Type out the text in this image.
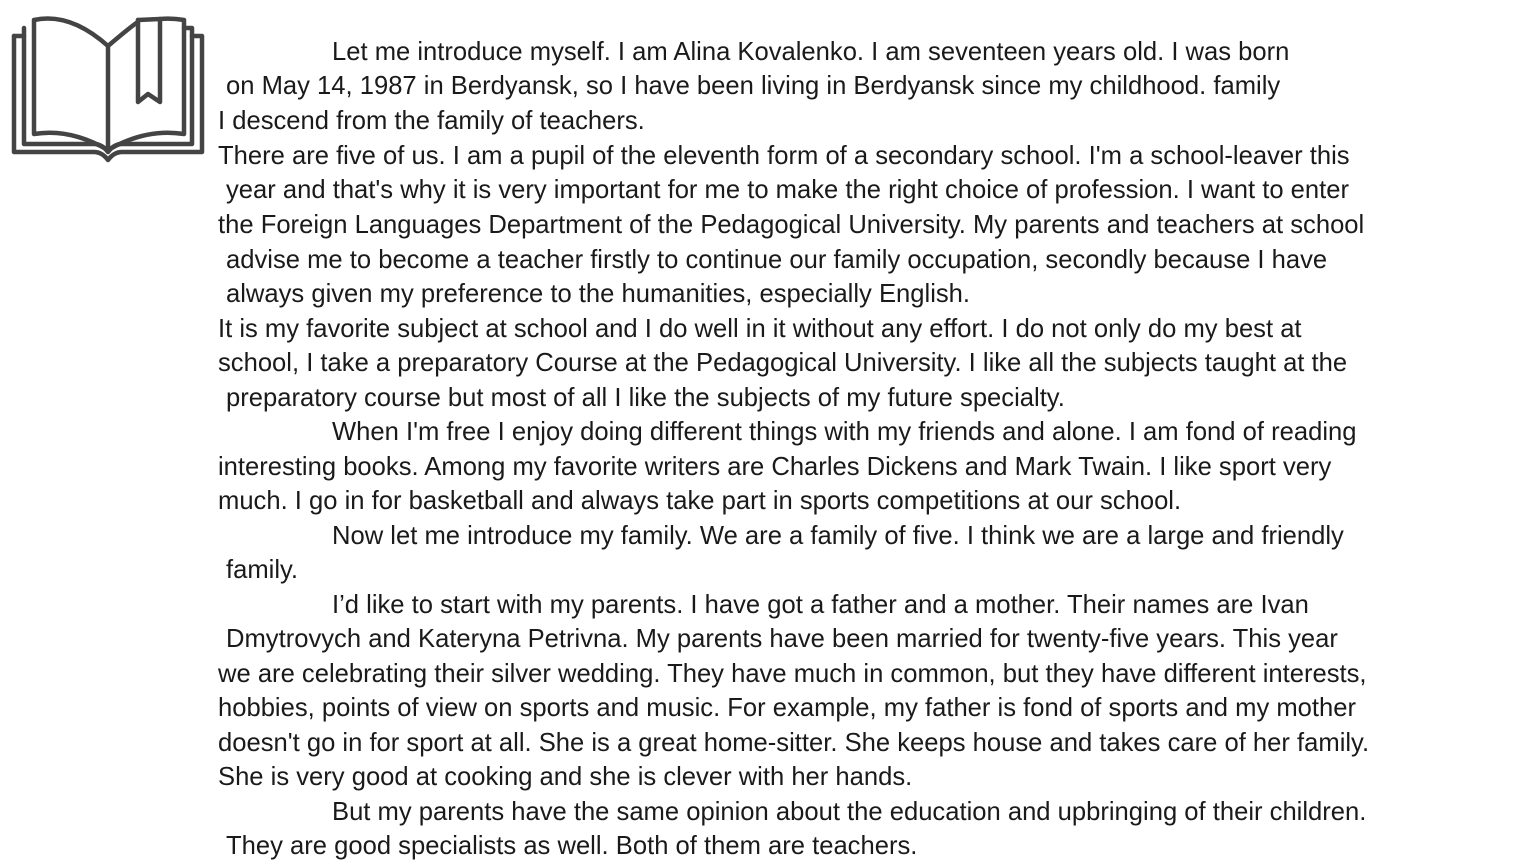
Let me introduce myself. I am Alina Kovalenko. I am seventeen years old. I was born
on May 14, 1987 in Berdyansk, so I have been living in Berdyansk since my childhood. family
I descend from the family of teachers.
There are five of us. I am a pupil of the eleventh form of a secondary school. I'm a school-leaver this
year and that's why it is very important for me to make the right choice of profession. I want to enter
the Foreign Languages Department of the Pedagogical University. My parents and teachers at school
advise me to become a teacher firstly to continue our family occupation, secondly because I have
always given my preference to the humanities, especially English.
It is my favorite subject at school and I do well in it without any effort. I do not only do my best at
school, I take a preparatory Course at the Pedagogical University. I like all the subjects taught at the
preparatory course but most of all I like the subjects of my future specialty.
When I'm free I enjoy doing different things with my friends and alone. I am fond of reading
interesting books. Among my favorite writers are Charles Dickens and Mark Twain. I like sport very
much. I go in for basketball and always take part in sports competitions at our school.
Now let me introduce my family. We are a family of five. I think we are a large and friendly
family.
I’d like to start with my parents. I have got a father and a mother. Their names are Ivan
Dmytrovych and Kateryna Petrivna. My parents have been married for twenty-five years. This year
we are celebrating their silver wedding. They have much in common, but they have different interests,
hobbies, points of view on sports and music. For example, my father is fond of sports and my mother
doesn't go in for sport at all. She is a great home-sitter. She keeps house and takes care of her family.
She is very good at cooking and she is clever with her hands.
But my parents have the same opinion about the education and upbringing of their children.
They are good specialists as well. Both of them are teachers.
